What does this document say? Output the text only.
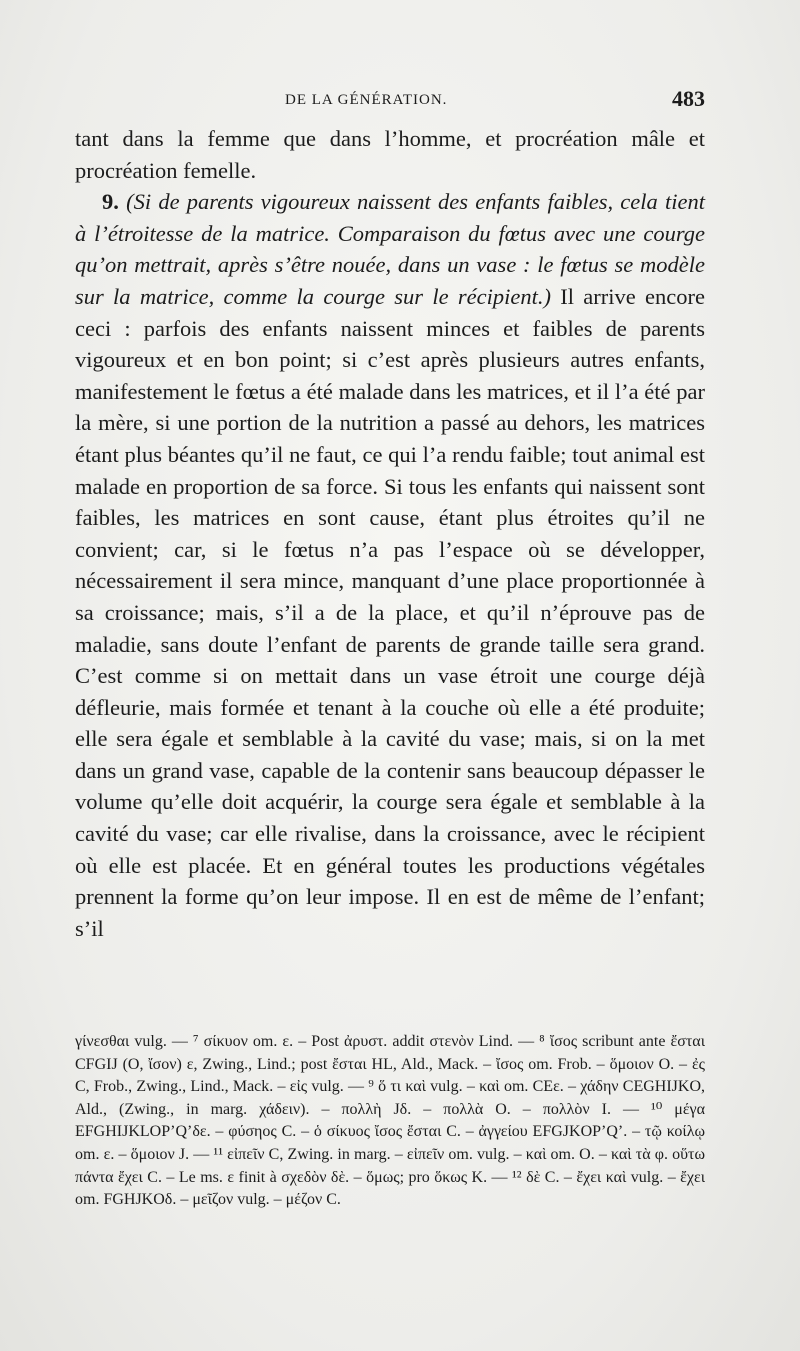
DE LA GÉNÉRATION.	483

tant dans la femme que dans l’homme, et procréation mâle et procréation femelle.

9. (Si de parents vigoureux naissent des enfants faibles, cela tient à l’étroitesse de la matrice. Comparaison du fœtus avec une courge qu’on mettrait, après s’être nouée, dans un vase : le fœtus se modèle sur la matrice, comme la courge sur le récipient.) Il arrive encore ceci : parfois des enfants naissent minces et faibles de parents vigoureux et en bon point; si c’est après plusieurs autres enfants, manifestement le fœtus a été malade dans les matrices, et il l’a été par la mère, si une portion de la nutrition a passé au dehors, les matrices étant plus béantes qu’il ne faut, ce qui l’a rendu faible; tout animal est malade en proportion de sa force. Si tous les enfants qui naissent sont faibles, les matrices en sont cause, étant plus étroites qu’il ne convient; car, si le fœtus n’a pas l’espace où se développer, nécessairement il sera mince, manquant d’une place proportionnée à sa croissance; mais, s’il a de la place, et qu’il n’éprouve pas de maladie, sans doute l’enfant de parents de grande taille sera grand. C’est comme si on mettait dans un vase étroit une courge déjà défleurie, mais formée et tenant à la couche où elle a été produite; elle sera égale et semblable à la cavité du vase; mais, si on la met dans un grand vase, capable de la contenir sans beaucoup dépasser le volume qu’elle doit acquérir, la courge sera égale et semblable à la cavité du vase; car elle rivalise, dans la croissance, avec le récipient où elle est placée. Et en général toutes les productions végétales prennent la forme qu’on leur impose. Il en est de même de l’enfant; s’il

γίνεσθαι vulg. — ⁷ σίκυον om. ε. – Post ἀρυστ. addit στενὸν Lind. — ⁸ ἴσος scribunt ante ἔσται CFGIJ (O, ἴσον) ε, Zwing., Lind.; post ἔσται HL, Ald., Mack. – ἴσος om. Frob. – ὅμοιον O. – ἐς C, Frob., Zwing., Lind., Mack. – εἰς vulg. — ⁹ ὅ τι καὶ vulg. – καὶ om. CEε. – χάδην CEGHIJKO, Ald., (Zwing., in marg. χάδειν). – πολλὴ Jδ. – πολλὰ O. – πολλὸν I. — ¹⁰ μέγα EFGHIJKLOP’Q’δε. – φύσηος C. – ὁ σίκυος ἴσος ἔσται C. – ἀγγείου EFGJKOP’Q’. – τῷ κοίλῳ om. ε. – ὅμοιον J. — ¹¹ εἰπεῖν C, Zwing. in marg. – εἰπεῖν om. vulg. – καὶ om. O. – καὶ τὰ φ. οὕτω πάντα ἔχει C. – Le ms. ε finit à σχεδὸν δὲ. – ὅμως; pro ὅκως K. — ¹² δὲ C. – ἔχει καὶ vulg. – ἔχει om. FGHJKOδ. – μεῖζον vulg. – μέζον C.
